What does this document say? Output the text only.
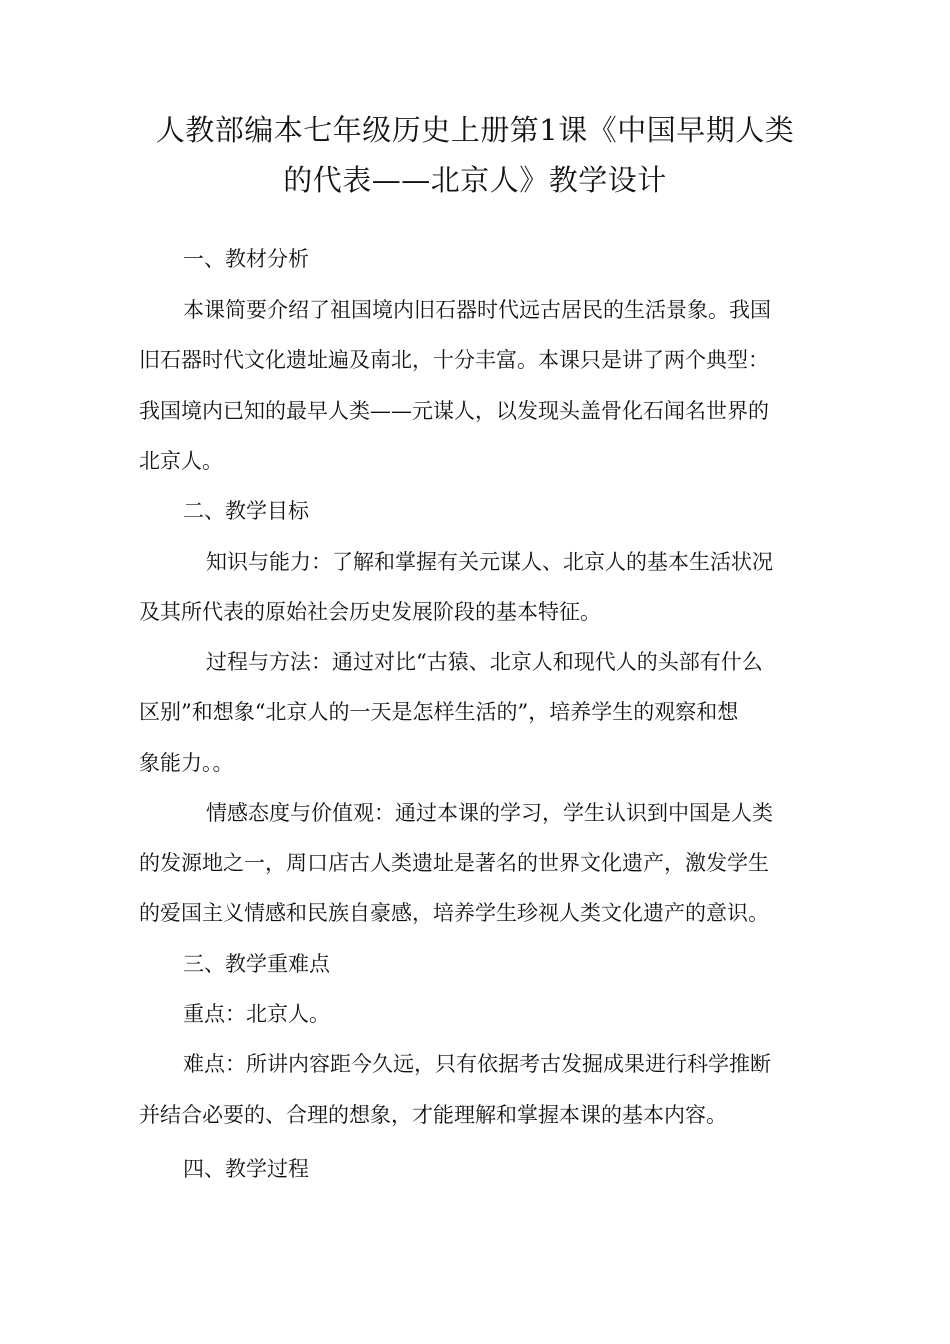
人教部编本七年级历史上册第1课《中国早期人类
的代表——北京人》教学设计
一、教材分析
本课简要介绍了祖国境内旧石器时代远古居民的生活景象。我国
旧石器时代文化遗址遍及南北，十分丰富。本课只是讲了两个典型：
我国境内已知的最早人类——元谋人，以发现头盖骨化石闻名世界的
北京人。
二、教学目标
知识与能力：了解和掌握有关元谋人、北京人的基本生活状况
及其所代表的原始社会历史发展阶段的基本特征。
过程与方法：通过对比“古猿、北京人和现代人的头部有什么
区别”和想象“北京人的一天是怎样生活的”，培养学生的观察和想
象能力。。
情感态度与价值观：通过本课的学习，学生认识到中国是人类
的发源地之一，周口店古人类遗址是著名的世界文化遗产，激发学生
的爱国主义情感和民族自豪感，培养学生珍视人类文化遗产的意识。
三、教学重难点
重点：北京人。
难点：所讲内容距今久远，只有依据考古发掘成果进行科学推断
并结合必要的、合理的想象，才能理解和掌握本课的基本内容。
四、教学过程
